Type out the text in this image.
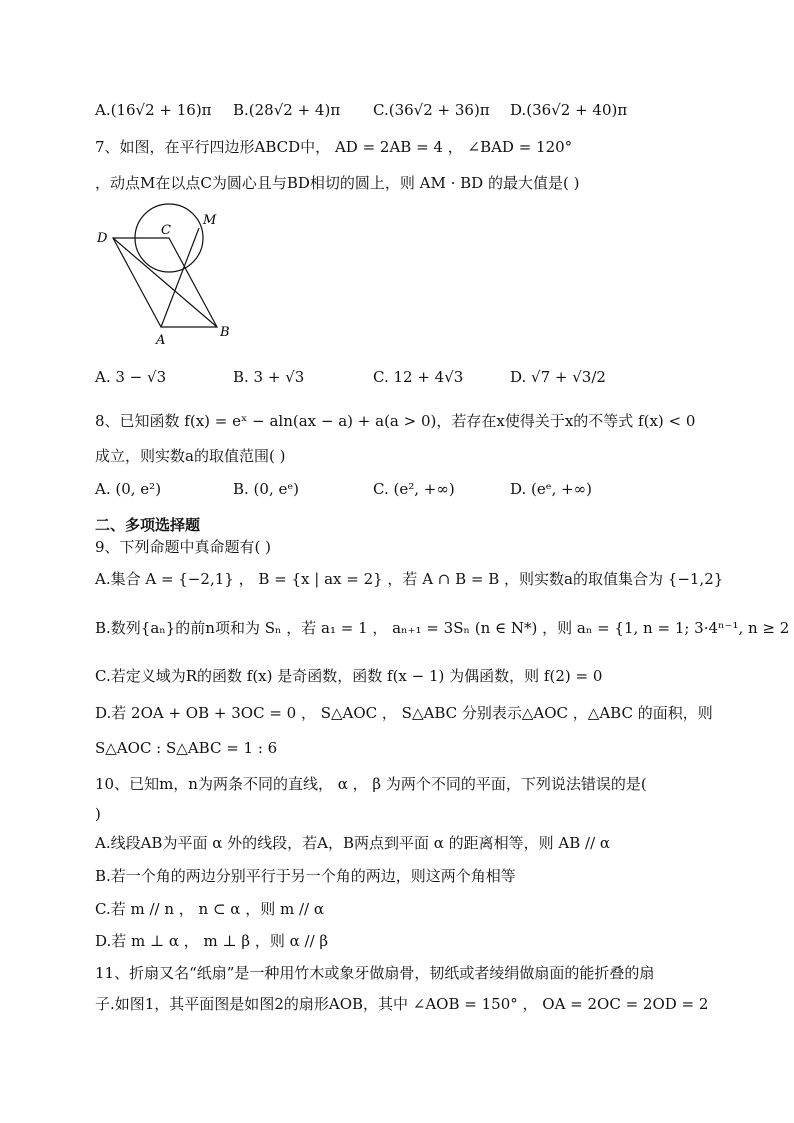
A.(16√2 + 16)π B.(28√2 + 4)π C.(36√2 + 36)π D.(36√2 + 40)π
7、如图，在平行四边形ABCD中， AD = 2AB = 4 ， ∠BAD = 120°
，动点M在以点C为圆心且与BD相切的圆上，则 AM · BD 的最大值是( )
D
C
M
A
B
A. 3 − √3	B. 3 + √3	C. 12 + 4√3	D. √7 + √3/2
8、已知函数 f(x) = eˣ − aln(ax − a) + a(a > 0)，若存在x使得关于x的不等式 f(x) < 0
成立，则实数a的取值范围( )
A. (0, e²)	B. (0, eᵉ)	C. (e², +∞)	D. (eᵉ, +∞)
二、多项选择题
9、下列命题中真命题有( )
A.集合 A = {−2,1} ， B = {x | ax = 2} ，若 A ∩ B = B ，则实数a的取值集合为 {−1,2}
B.数列{aₙ}的前n项和为 Sₙ ，若 a₁ = 1 ， aₙ₊₁ = 3Sₙ (n ∈ N*) ，则 aₙ = {1, n = 1; 3·4ⁿ⁻¹, n ≥ 2
C.若定义域为R的函数 f(x) 是奇函数，函数 f(x − 1) 为偶函数，则 f(2) = 0
D.若 2OA + OB + 3OC = 0 ， S△AOC ， S△ABC 分别表示△AOC ，△ABC 的面积，则
S△AOC : S△ABC = 1 : 6
10、已知m，n为两条不同的直线， α ， β 为两个不同的平面，下列说法错误的是(
)
A.线段AB为平面 α 外的线段，若A，B两点到平面 α 的距离相等，则 AB // α
B.若一个角的两边分别平行于另一个角的两边，则这两个角相等
C.若 m // n ， n ⊂ α ，则 m // α
D.若 m ⊥ α ， m ⊥ β ，则 α // β
11、折扇又名“纸扇”是一种用竹木或象牙做扇骨，韧纸或者绫绢做扇面的能折叠的扇
子.如图1，其平面图是如图2的扇形AOB，其中 ∠AOB = 150° ， OA = 2OC = 2OD = 2
